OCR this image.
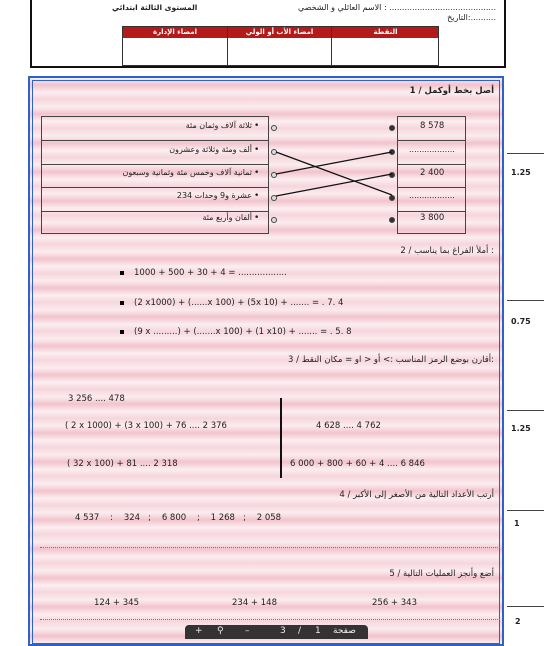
الاسم العائلي و الشخصي : ..........................................
المستوى الثالثة ابتدائي
التاريخ:..........
النقطة
امضاء الأب أو الولي
امضاء الإدارة
1.25
0.75
1.25
1
2
1 / أصل بخط أوكمل
ثلاثة آلاف وثمان مئة
ألف ومئة وثلاثة وعشرون
ثمانية آلاف وخمس مئة وثمانية وسبعون
234 عشرة و9 وحدات
ألفان وأربع مئة
•
•
•
•
•
8 578
..................
2 400
..................
3 800
2 / أملأ الفراغ بما يناسب :
1000 + 500 + 30 + 4 = ..................
(2 x1000) + (......x 100) + (5x 10) + ....... = . 7. 4
(9 x .........) + (.......x 100) + (1 x10) + ....... = . 5. 8
3 / أقارن بوضع الرمز المناسب :> أو < او = مكان النقط:
3 256 .... 478
( 2 x 1000) + (3 x 100) + 76 .... 2 376
( 32 x 100) + 81 .... 2 318
4 628 .... 4 762
6 000 + 800 + 60 + 4 .... 6 846
4 / أرتب الأعداد التالية من الأصغر إلى الأكبر
4 537    :    324   ;    6 800    ;    1 268   ;    2 058
5 / أضع وأنجز العمليات التالية
124 + 345	234 + 148	256 + 343
+ ⚲ –	3 / 1 صفحة
